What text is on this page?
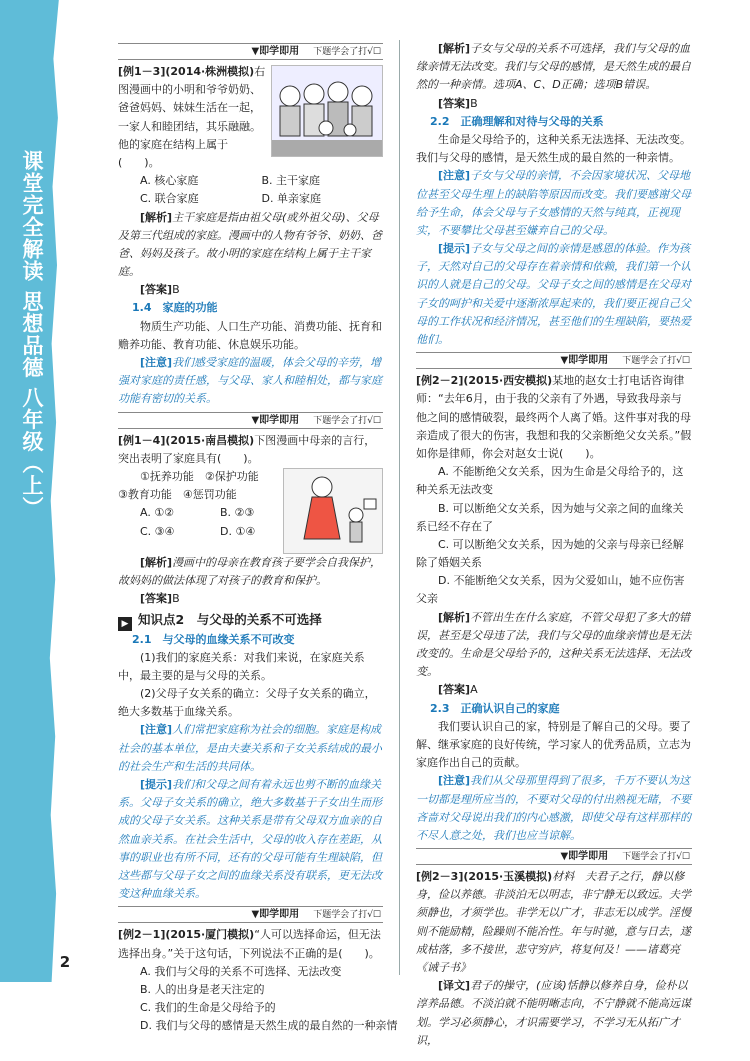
课堂完全解读 思想品德 八年级（上）
2
▼即学即用 下题学会了打√☐
[例1－3](2014·株洲模拟)右图漫画中的小明和爷爷奶奶、爸爸妈妈、妹妹生活在一起，一家人和睦团结，其乐融融。他的家庭在结构上属于(　　)。
A. 核心家庭	B. 主干家庭
C. 联合家庭	D. 单亲家庭
[解析]主干家庭是指由祖父母(或外祖父母)、父母及第三代组成的家庭。漫画中的人物有爷爷、奶奶、爸爸、妈妈及孩子。故小明的家庭在结构上属于主干家庭。
[答案]B
1.4　家庭的功能
物质生产功能、人口生产功能、消费功能、抚育和赡养功能、教育功能、休息娱乐功能。
[注意]我们感受家庭的温暖，体会父母的辛劳，增强对家庭的责任感，与父母、家人和睦相处，都与家庭功能有密切的关系。
▼即学即用 下题学会了打√☐
[例1－4](2015·南昌模拟)下图漫画中母亲的言行，突出表明了家庭具有(　　)。
①抚养功能　②保护功能
③教育功能　④惩罚功能
A. ①②	B. ②③
C. ③④	D. ①④
[解析]漫画中的母亲在教育孩子要学会自我保护，故妈妈的做法体现了对孩子的教育和保护。
[答案]B
▶ 知识点2　与父母的关系不可选择
2.1　与父母的血缘关系不可改变
(1)我们的家庭关系：对我们来说，在家庭关系中，最主要的是与父母的关系。
(2)父母子女关系的确立：父母子女关系的确立，绝大多数基于血缘关系。
[注意]人们常把家庭称为社会的细胞。家庭是构成社会的基本单位，是由夫妻关系和子女关系结成的最小的社会生产和生活的共同体。
[提示]我们和父母之间有着永远也剪不断的血缘关系。父母子女关系的确立，绝大多数基于子女出生而形成的父母子女关系。这种关系是带有父母双方血亲的自然血亲关系。在社会生活中，父母的收入存在差距，从事的职业也有所不同，还有的父母可能有生理缺陷，但这些都与父母子女之间的血缘关系没有联系，更无法改变这种血缘关系。
▼即学即用 下题学会了打√☐
[例2－1](2015·厦门模拟)“人可以选择命运，但无法选择出身。”关于这句话，下列说法不正确的是(　　)。
A. 我们与父母的关系不可选择、无法改变
B. 人的出身是老天注定的
C. 我们的生命是父母给予的
D. 我们与父母的感情是天然生成的最自然的一种亲情
[解析]子女与父母的关系不可选择，我们与父母的血缘亲情无法改变。我们与父母的感情，是天然生成的最自然的一种亲情。选项A、C、D正确；选项B错误。
[答案]B
2.2　正确理解和对待与父母的关系
生命是父母给予的，这种关系无法选择、无法改变。我们与父母的感情，是天然生成的最自然的一种亲情。
[注意]子女与父母的亲情，不会因家境状况、父母地位甚至父母生理上的缺陷等原因而改变。我们要感谢父母给予生命，体会父母与子女感情的天然与纯真，正视现实，不要攀比父母甚至嫌弃自己的父母。
[提示]子女与父母之间的亲情是感恩的体验。作为孩子，天然对自己的父母存在着亲情和依赖，我们第一个认识的人就是自己的父母。父母子女之间的感情是在父母对子女的呵护和关爱中逐渐浓厚起来的，我们要正视自己父母的工作状况和经济情况，甚至他们的生理缺陷，要热爱他们。
▼即学即用 下题学会了打√☐
[例2－2](2015·西安模拟)某地的赵女士打电话咨询律师：“去年6月，由于我的父亲有了外遇，导致我母亲与他之间的感情破裂，最终两个人离了婚。这件事对我的母亲造成了很大的伤害，我想和我的父亲断绝父女关系。”假如你是律师，你会对赵女士说(　　)。
A. 不能断绝父女关系，因为生命是父母给予的，这种关系无法改变
B. 可以断绝父女关系，因为她与父亲之间的血缘关系已经不存在了
C. 可以断绝父女关系，因为她的父亲与母亲已经解除了婚姻关系
D. 不能断绝父女关系，因为父爱如山，她不应伤害父亲
[解析]不管出生在什么家庭，不管父母犯了多大的错误，甚至是父母违了法，我们与父母的血缘亲情也是无法改变的。生命是父母给予的，这种关系无法选择、无法改变。
[答案]A
2.3　正确认识自己的家庭
我们要认识自己的家，特别是了解自己的父母。要了解、继承家庭的良好传统，学习家人的优秀品质，立志为家庭作出自己的贡献。
[注意]我们从父母那里得到了很多，千万不要认为这一切都是理所应当的，不要对父母的付出熟视无睹，不要吝啬对父母说出我们的内心感激，即使父母有这样那样的不尽人意之处，我们也应当谅解。
▼即学即用 下题学会了打√☐
[例2－3](2015·玉溪模拟)材料　夫君子之行，静以修身，俭以养德。非淡泊无以明志，非宁静无以致远。夫学须静也，才须学也。非学无以广才，非志无以成学。淫慢则不能励精，险躁则不能冶性。年与时驰，意与日去，遂成枯落，多不接世，悲守穷庐，将复何及！——诸葛亮《诫子书》
[译文]君子的操守，(应该)恬静以修养自身，俭朴以淳养品德。不淡泊就不能明晰志向，不宁静就不能高远谋划。学习必须静心，才识需要学习，不学习无从拓广才识，
